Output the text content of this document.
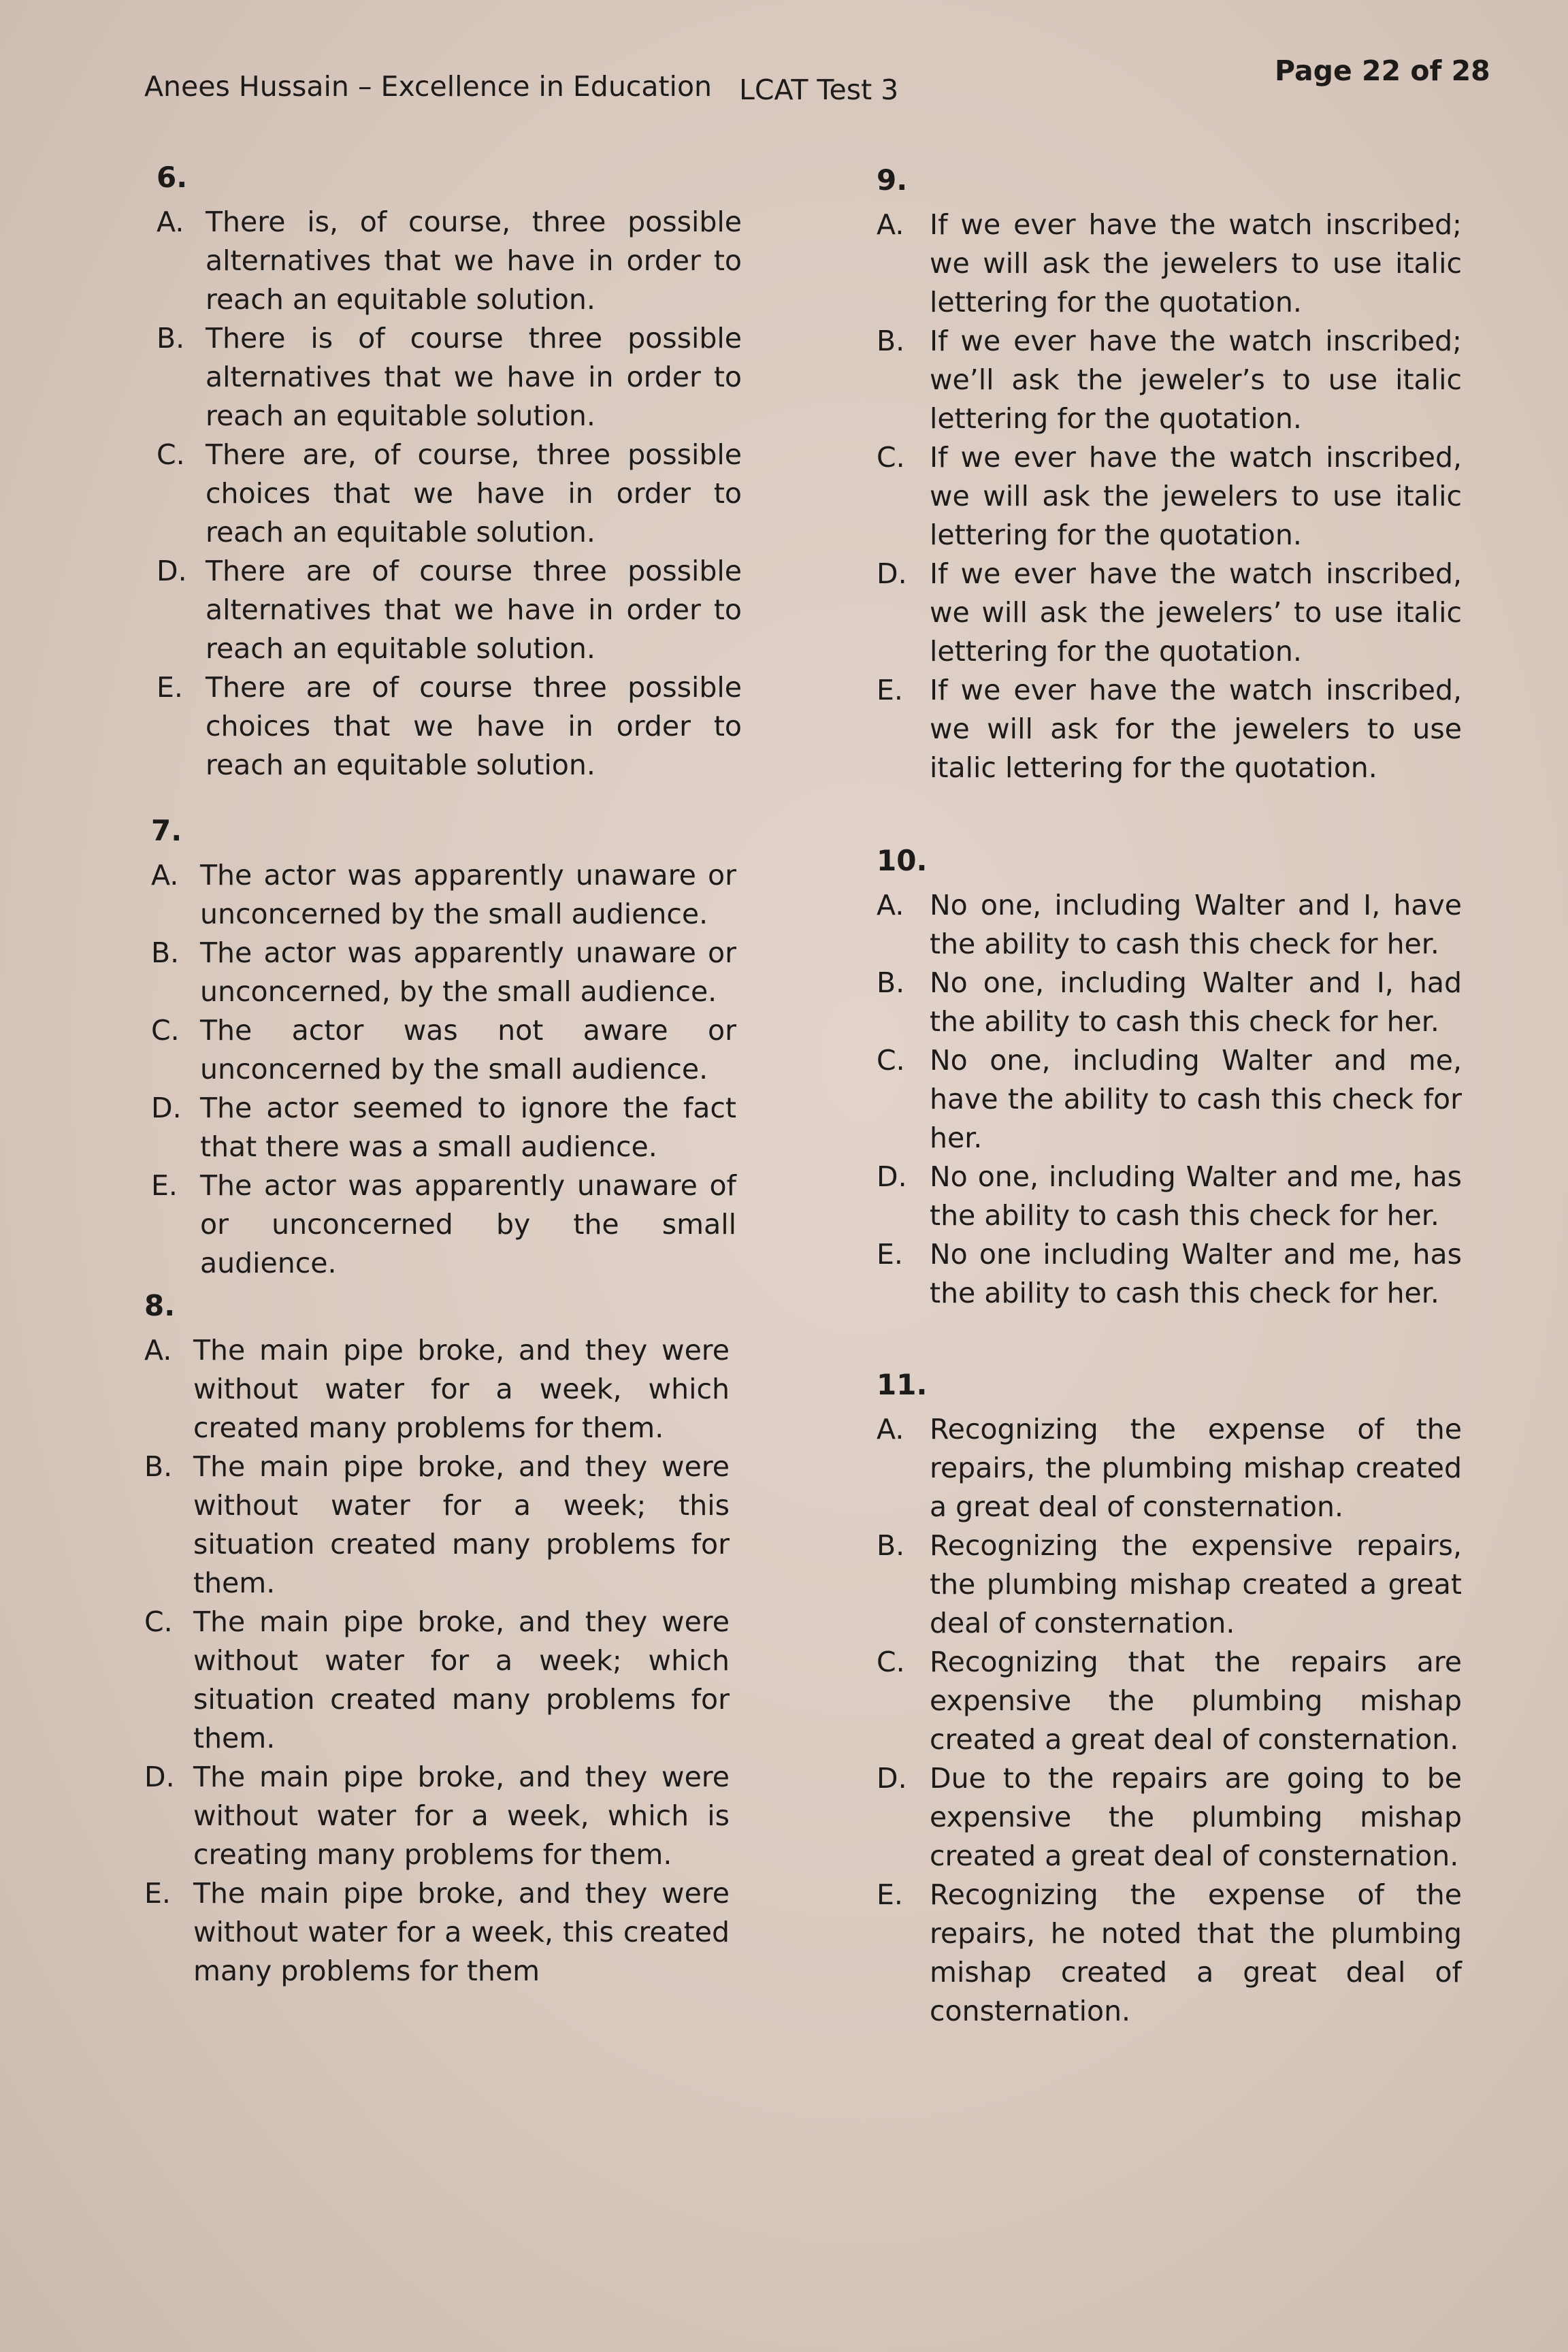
Anees Hussain – Excellence in Education LCAT Test 3
Page 22 of 28
6.
A. There is, of course, three possible alternatives that we have in order to reach an equitable solution.
B. There is of course three possible alternatives that we have in order to reach an equitable solution.
C. There are, of course, three possible choices that we have in order to reach an equitable solution.
D. There are of course three possible alternatives that we have in order to reach an equitable solution.
E. There are of course three possible choices that we have in order to reach an equitable solution.
7.
A. The actor was apparently unaware or unconcerned by the small audience.
B. The actor was apparently unaware or unconcerned, by the small audience.
C. The actor was not aware or unconcerned by the small audience.
D. The actor seemed to ignore the fact that there was a small audience.
E. The actor was apparently unaware of or unconcerned by the small audience.
8.
A. The main pipe broke, and they were without water for a week, which created many problems for them.
B. The main pipe broke, and they were without water for a week; this situation created many problems for them.
C. The main pipe broke, and they were without water for a week; which situation created many problems for them.
D. The main pipe broke, and they were without water for a week, which is creating many problems for them.
E. The main pipe broke, and they were without water for a week, this created many problems for them
9.
A. If we ever have the watch inscribed; we will ask the jewelers to use italic lettering for the quotation.
B. If we ever have the watch inscribed; we’ll ask the jeweler’s to use italic lettering for the quotation.
C. If we ever have the watch inscribed, we will ask the jewelers to use italic lettering for the quotation.
D. If we ever have the watch inscribed, we will ask the jewelers’ to use italic lettering for the quotation.
E. If we ever have the watch inscribed, we will ask for the jewelers to use italic lettering for the quotation.
10.
A. No one, including Walter and I, have the ability to cash this check for her.
B. No one, including Walter and I, had the ability to cash this check for her.
C. No one, including Walter and me, have the ability to cash this check for her.
D. No one, including Walter and me, has the ability to cash this check for her.
E. No one including Walter and me, has the ability to cash this check for her.
11.
A. Recognizing the expense of the repairs, the plumbing mishap created a great deal of consternation.
B. Recognizing the expensive repairs, the plumbing mishap created a great deal of consternation.
C. Recognizing that the repairs are expensive the plumbing mishap created a great deal of consternation.
D. Due to the repairs are going to be expensive the plumbing mishap created a great deal of consternation.
E. Recognizing the expense of the repairs, he noted that the plumbing mishap created a great deal of consternation.
